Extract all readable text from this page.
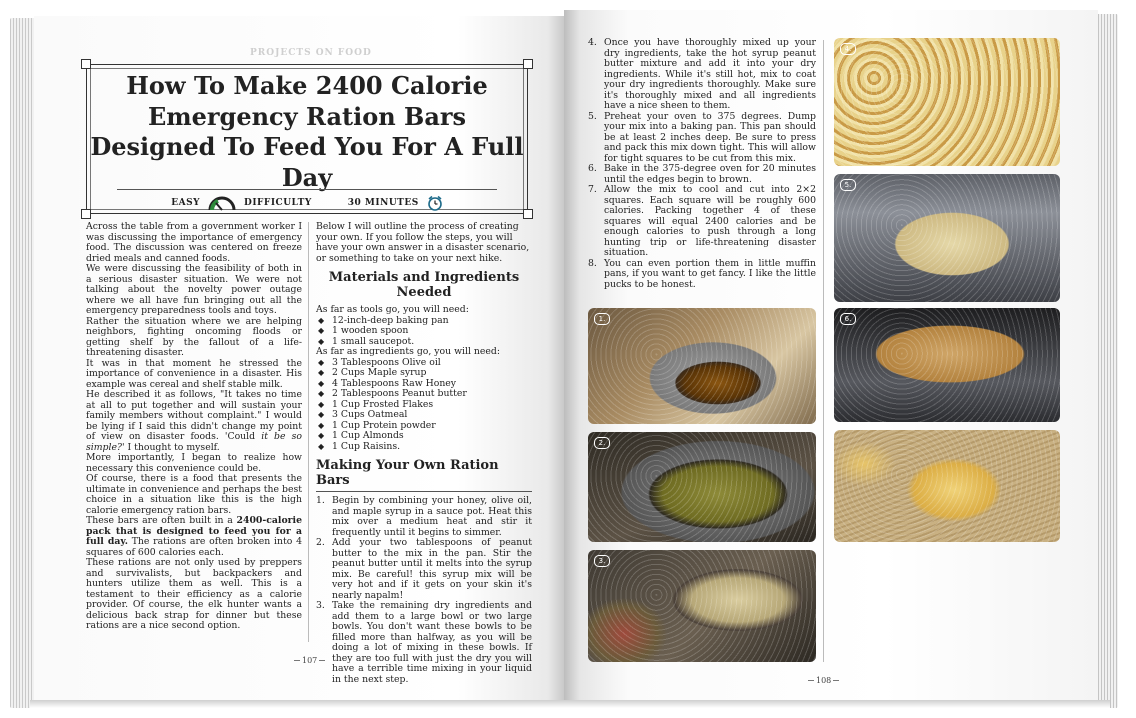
PROJECTS ON FOOD
How To Make 2400 Calorie Emergency Ration Bars Designed To Feed You For A Full Day
EASY	DIFFICULTY	30 MINUTES

Across the table from a government worker I was discussing the importance of emergency food. The discussion was centered on freeze dried meals and canned foods.

We were discussing the feasibility of both in a serious disaster situation. We were not talking about the novelty power outage where we all have fun bringing out all the emergency preparedness tools and toys.

Rather the situation where we are helping neighbors, fighting oncoming floods or getting shelf by the fallout of a life-threatening disaster.

It was in that moment he stressed the importance of convenience in a disaster. His example was cereal and shelf stable milk.

He described it as follows, "It takes no time at all to put together and will sustain your family members without complaint." I would be lying if I said this didn't change my point of view on disaster foods. 'Could it be so simple?' I thought to myself.

More importantly, I began to realize how necessary this convenience could be.

Of course, there is a food that presents the ultimate in convenience and perhaps the best choice in a situation like this is the high calorie emergency ration bars.

These bars are often built in a 2400-calorie pack that is designed to feed you for a full day. The rations are often broken into 4 squares of 600 calories each.

These rations are not only used by preppers and survivalists, but backpackers and hunters utilize them as well. This is a testament to their efficiency as a calorie provider. Of course, the elk hunter wants a delicious back strap for dinner but these rations are a nice second option.

Below I will outline the process of creating your own. If you follow the steps, you will have your own answer in a disaster scenario, or something to take on your next hike.

Materials and Ingredients Needed

As far as tools go, you will need:

◆ 12-inch-deep baking pan
◆ 1 wooden spoon
◆ 1 small saucepot.

As far as ingredients go, you will need:

◆ 3 Tablespoons Olive oil
◆ 2 Cups Maple syrup
◆ 4 Tablespoons Raw Honey
◆ 2 Tablespoons Peanut butter
◆ 1 Cup Frosted Flakes
◆ 3 Cups Oatmeal
◆ 1 Cup Protein powder
◆ 1 Cup Almonds
◆ 1 Cup Raisins.
Making Your Own Ration Bars
1. Begin by combining your honey, olive oil, and maple syrup in a sauce pot. Heat this mix over a medium heat and stir it frequently until it begins to simmer.
2. Add your two tablespoons of peanut butter to the mix in the pan. Stir the peanut butter until it melts into the syrup mix. Be careful! this syrup mix will be very hot and if it gets on your skin it's nearly napalm!
3. Take the remaining dry ingredients and add them to a large bowl or two large bowls. You don't want these bowls to be filled more than halfway, as you will be doing a lot of mixing in these bowls. If they are too full with just the dry you will have a terrible time mixing in your liquid in the next step.
107
4. Once you have thoroughly mixed up your dry ingredients, take the hot syrup peanut butter mixture and add it into your dry ingredients. While it's still hot, mix to coat your dry ingredients thoroughly. Make sure it's thoroughly mixed and all ingredients have a nice sheen to them.
5. Preheat your oven to 375 degrees. Dump your mix into a baking pan. This pan should be at least 2 inches deep. Be sure to press and pack this mix down tight. This will allow for tight squares to be cut from this mix.
6. Bake in the 375-degree oven for 20 minutes until the edges begin to brown.
7. Allow the mix to cool and cut into 2×2 squares. Each square will be roughly 600 calories. Packing together 4 of these squares will equal 2400 calories and be enough calories to push through a long hunting trip or life-threatening disaster situation.
8. You can even portion them in little muffin pans, if you want to get fancy. I like the little pucks to be honest.
1.
2.
3.
4.
5.
6.
108
